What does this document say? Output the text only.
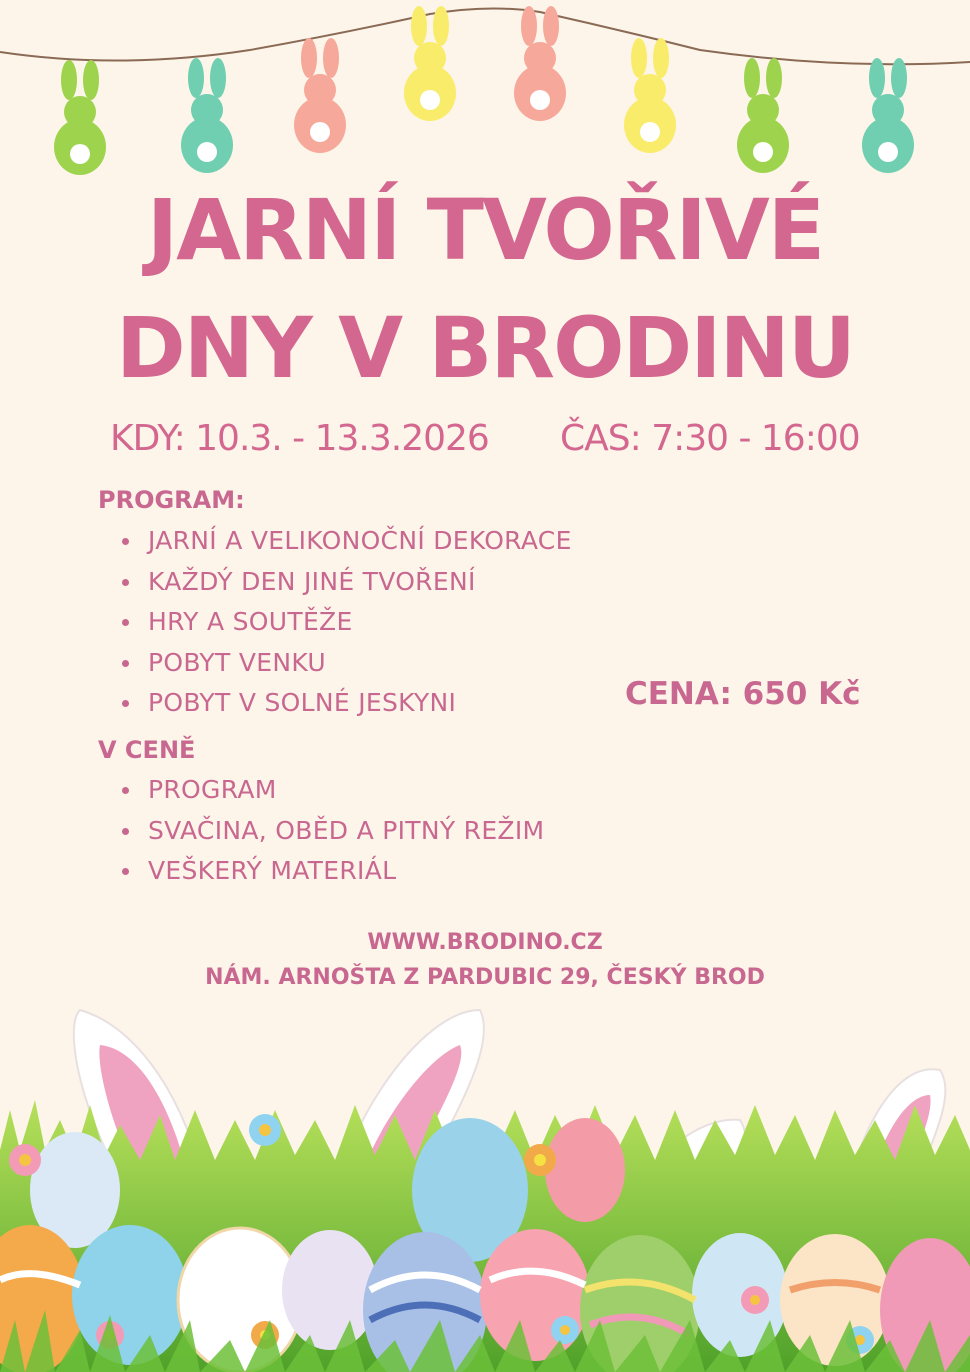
JARNÍ TVOŘIVÉ
DNY V BRODINU
KDY: 10.3. - 13.3.2026 ČAS: 7:30 - 16:00
PROGRAM:
JARNÍ A VELIKONOČNÍ DEKORACE
KAŽDÝ DEN JINÉ TVOŘENÍ
HRY A SOUTĚŽE
POBYT VENKU
POBYT V SOLNÉ JESKYNI	CENA: 650 Kč
V CENĚ
PROGRAM
SVAČINA, OBĚD A PITNÝ REŽIM
VEŠKERÝ MATERIÁL
WWW.BRODINO.CZ
NÁM. ARNOŠTA Z PARDUBIC 29, ČESKÝ BROD
